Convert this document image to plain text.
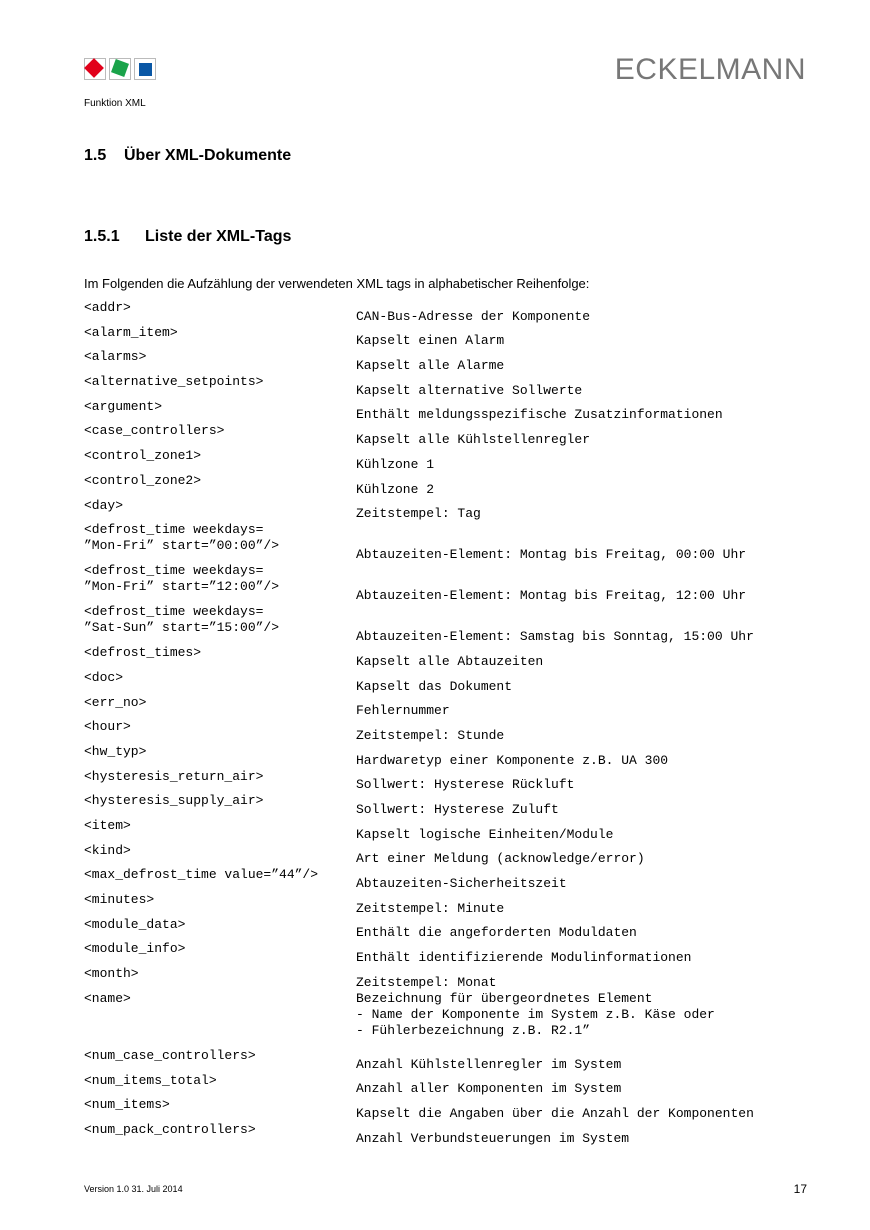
Funktion XML
ECKELMANN
1.5 Über XML-Dokumente
1.5.1 Liste der XML-Tags
Im Folgenden die Aufzählung der verwendeten XML tags in alphabetischer Reihenfolge:
<addr>
CAN-Bus-Adresse der Komponente
<alarm_item>
Kapselt einen Alarm
<alarms>
Kapselt alle Alarme
<alternative_setpoints>
Kapselt alternative Sollwerte
<argument>
Enthält meldungsspezifische Zusatzinformationen
<case_controllers>
Kapselt alle Kühlstellenregler
<control_zone1>
Kühlzone 1
<control_zone2>
Kühlzone 2
<day>
Zeitstempel: Tag
<defrost_time weekdays=
”Mon-Fri” start=”00:00”/>
Abtauzeiten-Element: Montag bis Freitag, 00:00 Uhr
<defrost_time weekdays=
”Mon-Fri” start=”12:00”/>
Abtauzeiten-Element: Montag bis Freitag, 12:00 Uhr
<defrost_time weekdays=
”Sat-Sun” start=”15:00”/>
Abtauzeiten-Element: Samstag bis Sonntag, 15:00 Uhr
<defrost_times>
Kapselt alle Abtauzeiten
<doc>
Kapselt das Dokument
<err_no>
Fehlernummer
<hour>
Zeitstempel: Stunde
<hw_typ>
Hardwaretyp einer Komponente z.B. UA 300
<hysteresis_return_air>
Sollwert: Hysterese Rückluft
<hysteresis_supply_air>
Sollwert: Hysterese Zuluft
<item>
Kapselt logische Einheiten/Module
<kind>
Art einer Meldung (acknowledge/error)
<max_defrost_time value=”44”/>
Abtauzeiten-Sicherheitszeit
<minutes>
Zeitstempel: Minute
<module_data>
Enthält die angeforderten Moduldaten
<module_info>
Enthält identifizierende Modulinformationen
<month>
Zeitstempel: Monat
<name>	Bezeichnung für übergeordnetes Element
- Name der Komponente im System z.B. Käse oder
- Fühlerbezeichnung z.B. R2.1”
<num_case_controllers>
Anzahl Kühlstellenregler im System
<num_items_total>
Anzahl aller Komponenten im System
<num_items>
Kapselt die Angaben über die Anzahl der Komponenten
<num_pack_controllers>
Anzahl Verbundsteuerungen im System
Version 1.0 31. Juli 2014	17
